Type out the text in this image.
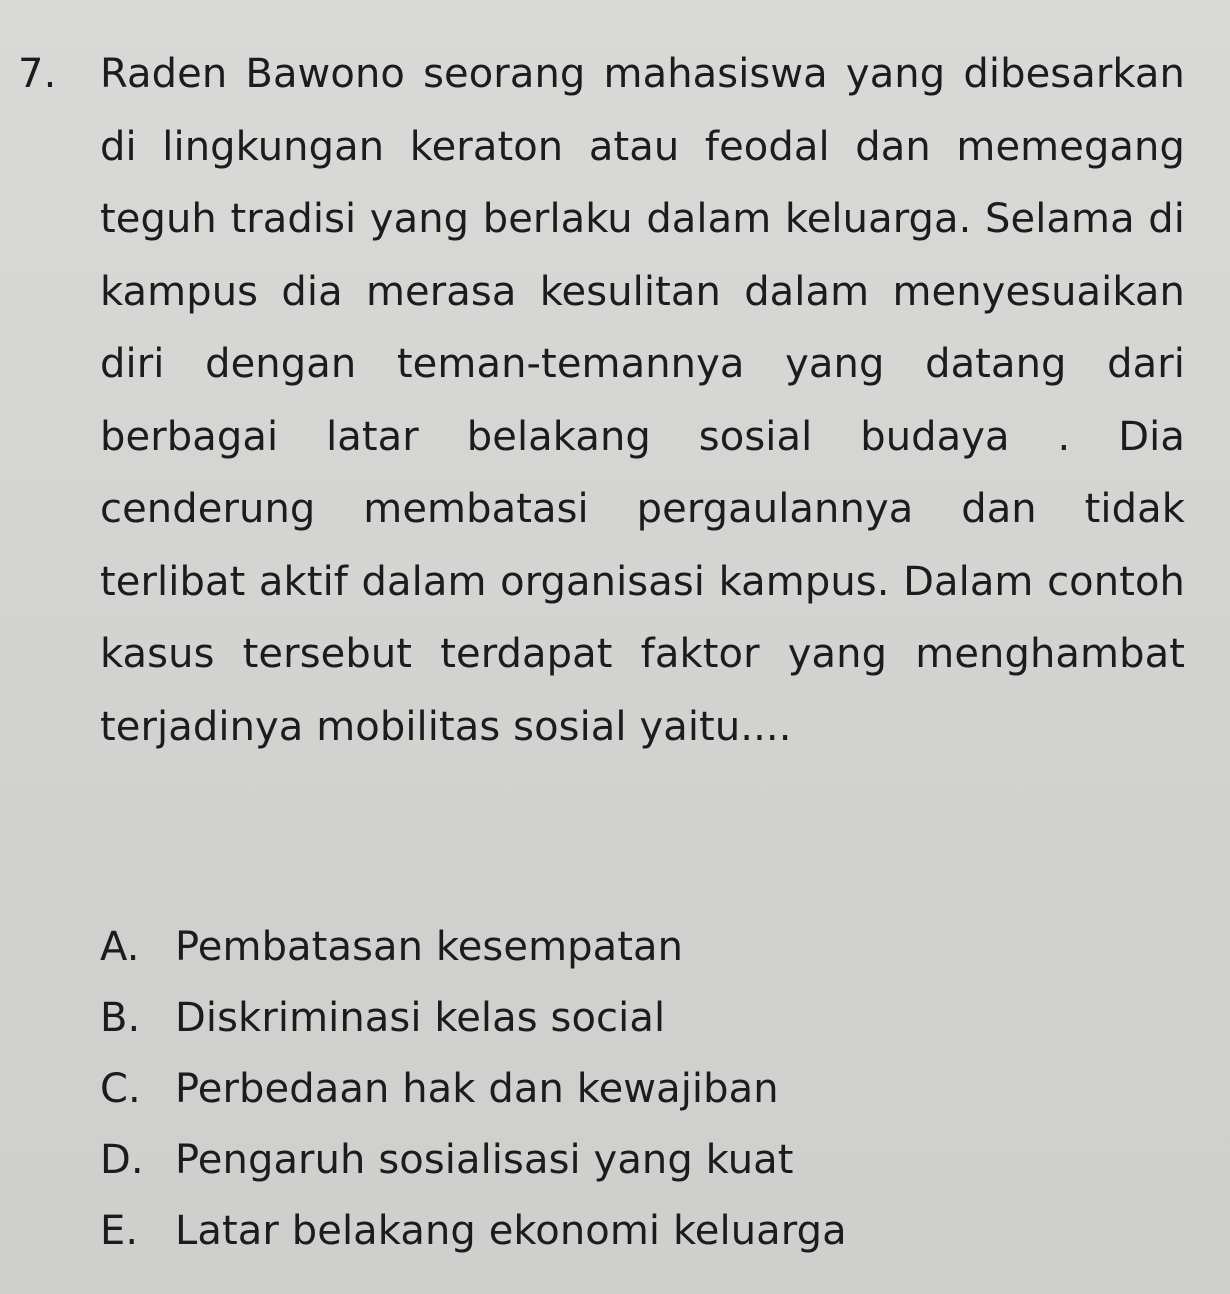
7. Raden Bawono seorang mahasiswa yang dibesarkan di lingkungan keraton atau feodal dan memegang teguh tradisi yang berlaku dalam keluarga. Selama di kampus dia merasa kesulitan dalam menyesuaikan diri dengan teman-temannya yang datang dari berbagai latar belakang sosial budaya . Dia cenderung membatasi pergaulannya dan tidak terlibat aktif dalam organisasi kampus. Dalam contoh kasus tersebut terdapat faktor yang menghambat terjadinya mobilitas sosial yaitu....
A. Pembatasan kesempatan
B. Diskriminasi kelas social
C. Perbedaan hak dan kewajiban
D. Pengaruh sosialisasi yang kuat
E. Latar belakang ekonomi keluarga
